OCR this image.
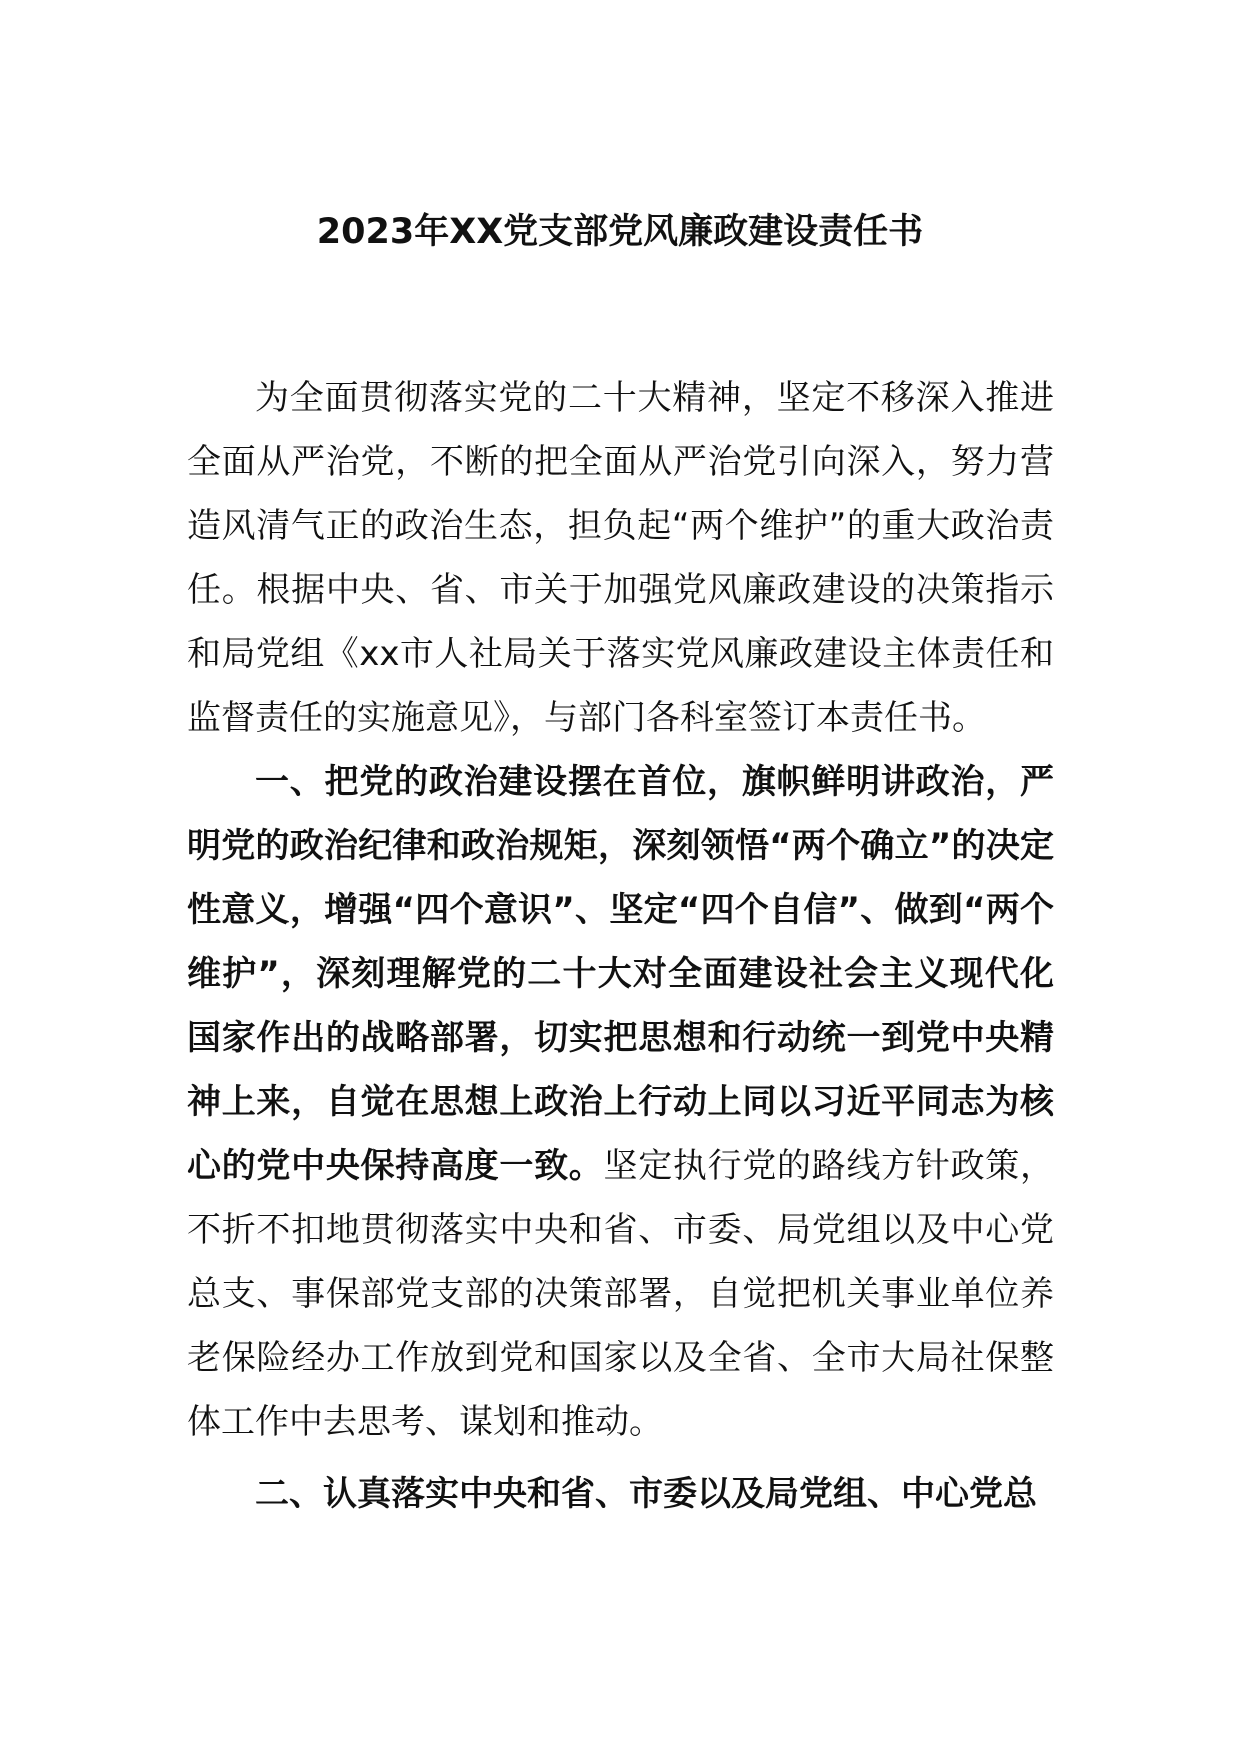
2023年XX党支部党风廉政建设责任书

为全面贯彻落实党的二十大精神，坚定不移深入推进全面从严治党，不断的把全面从严治党引向深入，努力营造风清气正的政治生态，担负起“两个维护”的重大政治责任。根据中央、省、市关于加强党风廉政建设的决策指示和局党组《xx市人社局关于落实党风廉政建设主体责任和监督责任的实施意见》，与部门各科室签订本责任书。

一、把党的政治建设摆在首位，旗帜鲜明讲政治，严明党的政治纪律和政治规矩，深刻领悟“两个确立”的决定性意义，增强“四个意识”、坚定“四个自信”、做到“两个维护”，深刻理解党的二十大对全面建设社会主义现代化国家作出的战略部署，切实把思想和行动统一到党中央精神上来，自觉在思想上政治上行动上同以习近平同志为核心的党中央保持高度一致。坚定执行党的路线方针政策，不折不扣地贯彻落实中央和省、市委、局党组以及中心党总支、事保部党支部的决策部署，自觉把机关事业单位养老保险经办工作放到党和国家以及全省、全市大局社保整体工作中去思考、谋划和推动。

二、认真落实中央和省、市委以及局党组、中心党总
